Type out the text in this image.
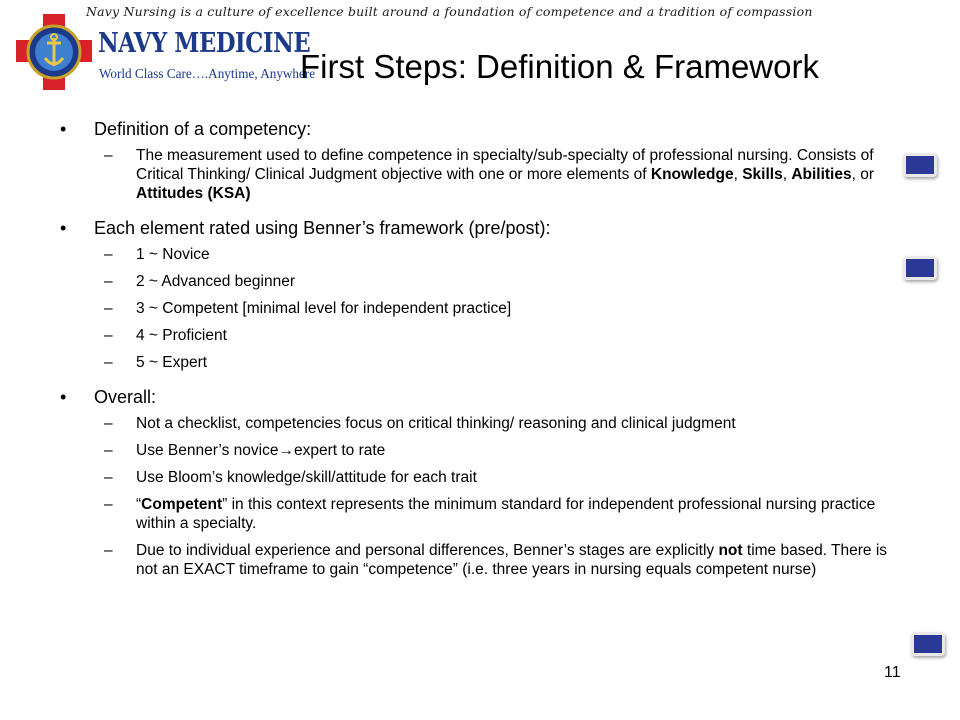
Navy Nursing is a culture of excellence built around a foundation of competence and a tradition of compassion
NAVY MEDICINE
World Class Care….Anytime, Anywhere
First Steps: Definition & Framework
• Definition of a competency:
– The measurement used to define competence in specialty/sub-specialty of professional nursing. Consists of Critical Thinking/ Clinical Judgment objective with one or more elements of Knowledge, Skills, Abilities, or Attitudes (KSA)
• Each element rated using Benner’s framework (pre/post):
– 1 ~ Novice
– 2 ~ Advanced beginner
– 3 ~ Competent [minimal level for independent practice]
– 4 ~ Proficient
– 5 ~ Expert
• Overall:
– Not a checklist, competencies focus on critical thinking/ reasoning and clinical judgment
– Use Benner’s novice→expert to rate
– Use Bloom’s knowledge/skill/attitude for each trait
– “Competent” in this context represents the minimum standard for independent professional nursing practice within a specialty.
– Due to individual experience and personal differences, Benner’s stages are explicitly not time based. There is not an EXACT timeframe to gain “competence” (i.e. three years in nursing equals competent nurse)
11
